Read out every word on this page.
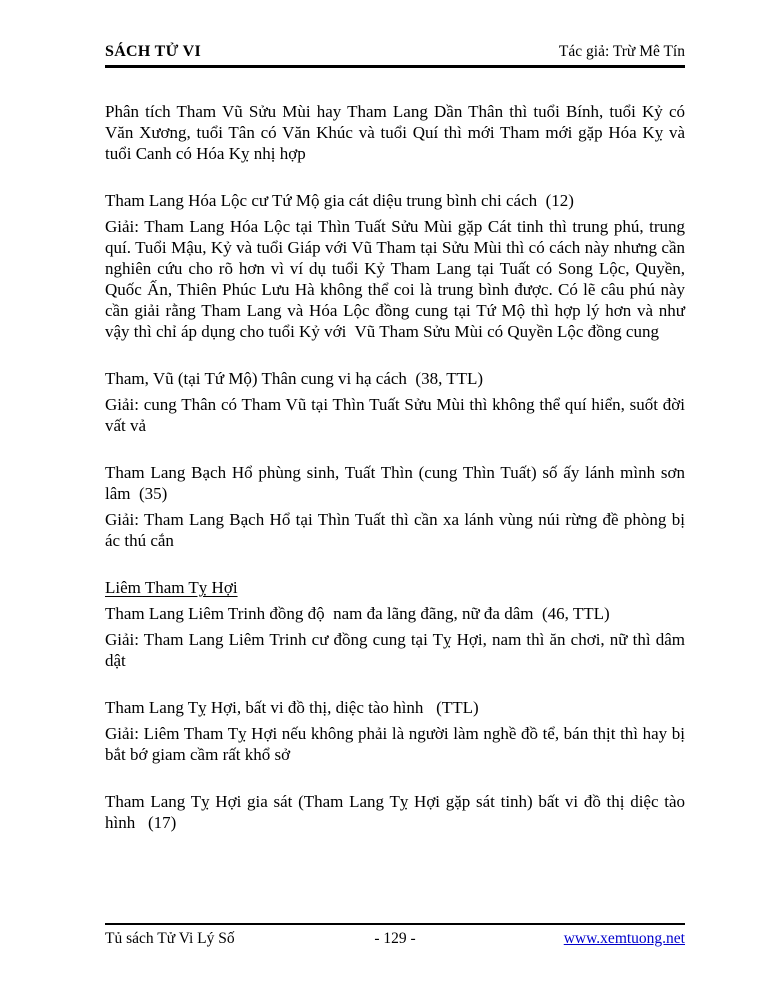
SÁCH TỬ VI	Tác giả: Trừ Mê Tín

Phân tích Tham Vũ Sửu Mùi hay Tham Lang Dần Thân thì tuổi Bính, tuổi Kỷ có Văn Xương, tuổi Tân có Văn Khúc và tuổi Quí thì mới Tham mới gặp Hóa Kỵ và tuổi Canh có Hóa Kỵ nhị hợp

Tham Lang Hóa Lộc cư Tứ Mộ gia cát diệu trung bình chi cách  (12)

Giải: Tham Lang Hóa Lộc tại Thìn Tuất Sửu Mùi gặp Cát tinh thì trung phú, trung quí. Tuổi Mậu, Kỷ và tuổi Giáp với Vũ Tham tại Sửu Mùi thì có cách này nhưng cần nghiên cứu cho rõ hơn vì ví dụ tuổi Kỷ Tham Lang tại Tuất có Song Lộc, Quyền, Quốc Ấn, Thiên Phúc Lưu Hà không thể coi là trung bình được. Có lẽ câu phú này cần giải rằng Tham Lang và Hóa Lộc đồng cung tại Tứ Mộ thì hợp lý hơn và như vậy thì chỉ áp dụng cho tuổi Kỷ với  Vũ Tham Sửu Mùi có Quyền Lộc đồng cung

Tham, Vũ (tại Tứ Mộ) Thân cung vi hạ cách  (38, TTL)

Giải: cung Thân có Tham Vũ tại Thìn Tuất Sửu Mùi thì không thể quí hiển, suốt đời vất vả

Tham Lang Bạch Hổ phùng sinh, Tuất Thìn (cung Thìn Tuất) số ấy lánh mình sơn lâm  (35)

Giải: Tham Lang Bạch Hổ tại Thìn Tuất thì cần xa lánh vùng núi rừng đề phòng bị ác thú cắn

Liêm Tham Tỵ Hợi

Tham Lang Liêm Trinh đồng độ  nam đa lãng đãng, nữ đa dâm  (46, TTL)

Giải: Tham Lang Liêm Trinh cư đồng cung tại Tỵ Hợi, nam thì ăn chơi, nữ thì dâm dật

Tham Lang Tỵ Hợi, bất vi đồ thị, diệc tào hình   (TTL)

Giải: Liêm Tham Tỵ Hợi nếu không phải là người làm nghề đồ tể, bán thịt thì hay bị bắt bớ giam cầm rất khổ sở

Tham Lang Tỵ Hợi gia sát (Tham Lang Tỵ Hợi gặp sát tinh) bất vi đồ thị diệc tào hình   (17)

Tủ sách Tử Vi Lý Số	- 129 -	www.xemtuong.net
